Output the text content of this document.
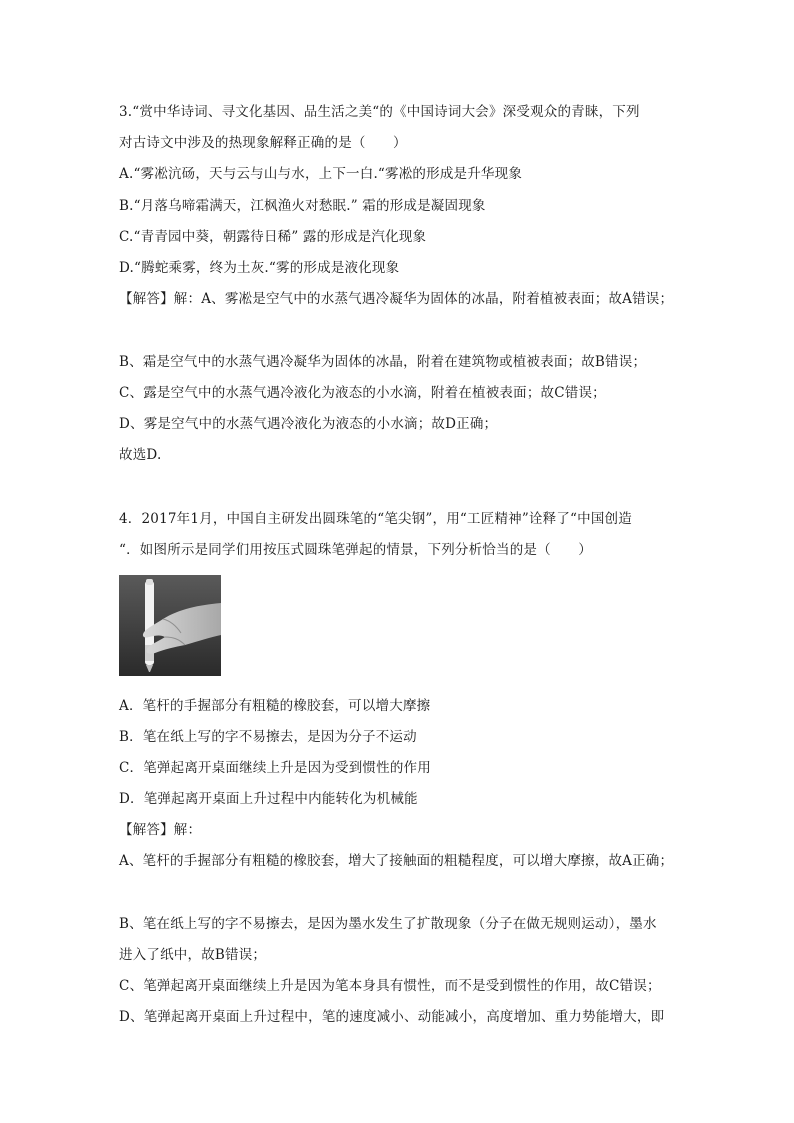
3.“赏中华诗词、寻文化基因、品生活之美“的《中国诗词大会》深受观众的青睐，下列
对古诗文中涉及的热现象解释正确的是（　　）
A.“雾凇沆砀，天与云与山与水，上下一白.“雾凇的形成是升华现象
B.“月落乌啼霜满天，江枫渔火对愁眠.” 霜的形成是凝固现象
C.“青青园中葵，朝露待日稀” 露的形成是汽化现象
D.“腾蛇乘雾，终为土灰.“雾的形成是液化现象
【解答】解：A、雾凇是空气中的水蒸气遇冷凝华为固体的冰晶，附着植被表面；故A错误；
B、霜是空气中的水蒸气遇冷凝华为固体的冰晶，附着在建筑物或植被表面；故B错误；
C、露是空气中的水蒸气遇冷液化为液态的小水滴，附着在植被表面；故C错误；
D、雾是空气中的水蒸气遇冷液化为液态的小水滴；故D正确；
故选D.
4．2017年1月，中国自主研发出圆珠笔的“笔尖钢”，用“工匠精神”诠释了“中国创造
“．如图所示是同学们用按压式圆珠笔弹起的情景，下列分析恰当的是（　　）
A．笔杆的手握部分有粗糙的橡胶套，可以增大摩擦
B．笔在纸上写的字不易擦去，是因为分子不运动
C．笔弹起离开桌面继续上升是因为受到惯性的作用
D．笔弹起离开桌面上升过程中内能转化为机械能
【解答】解：
A、笔杆的手握部分有粗糙的橡胶套，增大了接触面的粗糙程度，可以增大摩擦，故A正确；
B、笔在纸上写的字不易擦去，是因为墨水发生了扩散现象（分子在做无规则运动），墨水
进入了纸中，故B错误；
C、笔弹起离开桌面继续上升是因为笔本身具有惯性，而不是受到惯性的作用，故C错误；
D、笔弹起离开桌面上升过程中，笔的速度减小、动能减小，高度增加、重力势能增大，即
